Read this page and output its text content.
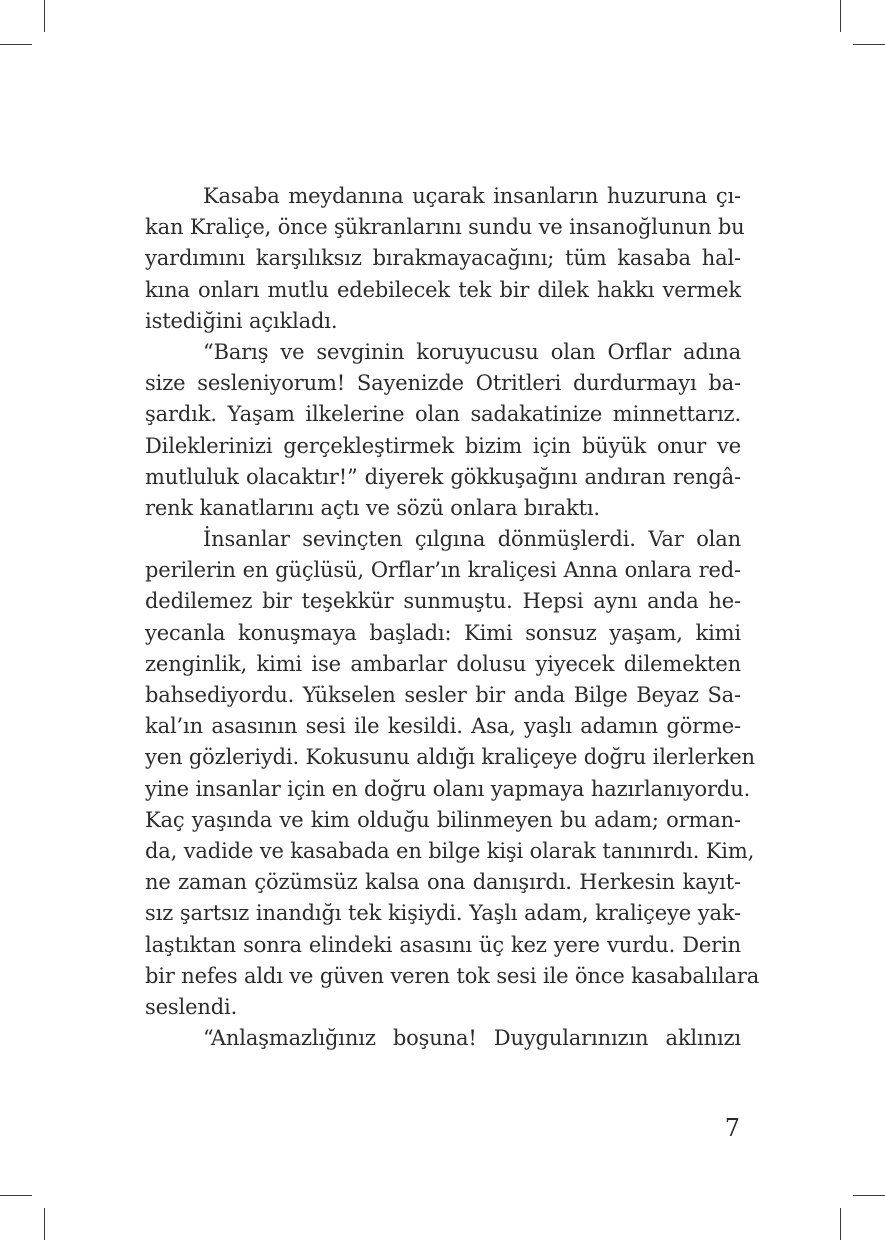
Kasaba meydanına uçarak insanların huzuruna çı-
kan Kraliçe, önce şükranlarını sundu ve insanoğlunun bu
yardımını karşılıksız bırakmayacağını; tüm kasaba hal-
kına onları mutlu edebilecek tek bir dilek hakkı vermek
istediğini açıkladı.
“Barış ve sevginin koruyucusu olan Orflar adına
size sesleniyorum! Sayenizde Otritleri durdurmayı ba-
şardık. Yaşam ilkelerine olan sadakatinize minnettarız.
Dileklerinizi gerçekleştirmek bizim için büyük onur ve
mutluluk olacaktır!” diyerek gökkuşağını andıran rengâ-
renk kanatlarını açtı ve sözü onlara bıraktı.
İnsanlar sevinçten çılgına dönmüşlerdi. Var olan
perilerin en güçlüsü, Orflar’ın kraliçesi Anna onlara red-
dedilemez bir teşekkür sunmuştu. Hepsi aynı anda he-
yecanla konuşmaya başladı: Kimi sonsuz yaşam, kimi
zenginlik, kimi ise ambarlar dolusu yiyecek dilemekten
bahsediyordu. Yükselen sesler bir anda Bilge Beyaz Sa-
kal’ın asasının sesi ile kesildi. Asa, yaşlı adamın görme-
yen gözleriydi. Kokusunu aldığı kraliçeye doğru ilerlerken
yine insanlar için en doğru olanı yapmaya hazırlanıyordu.
Kaç yaşında ve kim olduğu bilinmeyen bu adam; orman-
da, vadide ve kasabada en bilge kişi olarak tanınırdı. Kim,
ne zaman çözümsüz kalsa ona danışırdı. Herkesin kayıt-
sız şartsız inandığı tek kişiydi. Yaşlı adam, kraliçeye yak-
laştıktan sonra elindeki asasını üç kez yere vurdu. Derin
bir nefes aldı ve güven veren tok sesi ile önce kasabalılara
seslendi.
“Anlaşmazlığınız boşuna! Duygularınızın aklınızı
7
